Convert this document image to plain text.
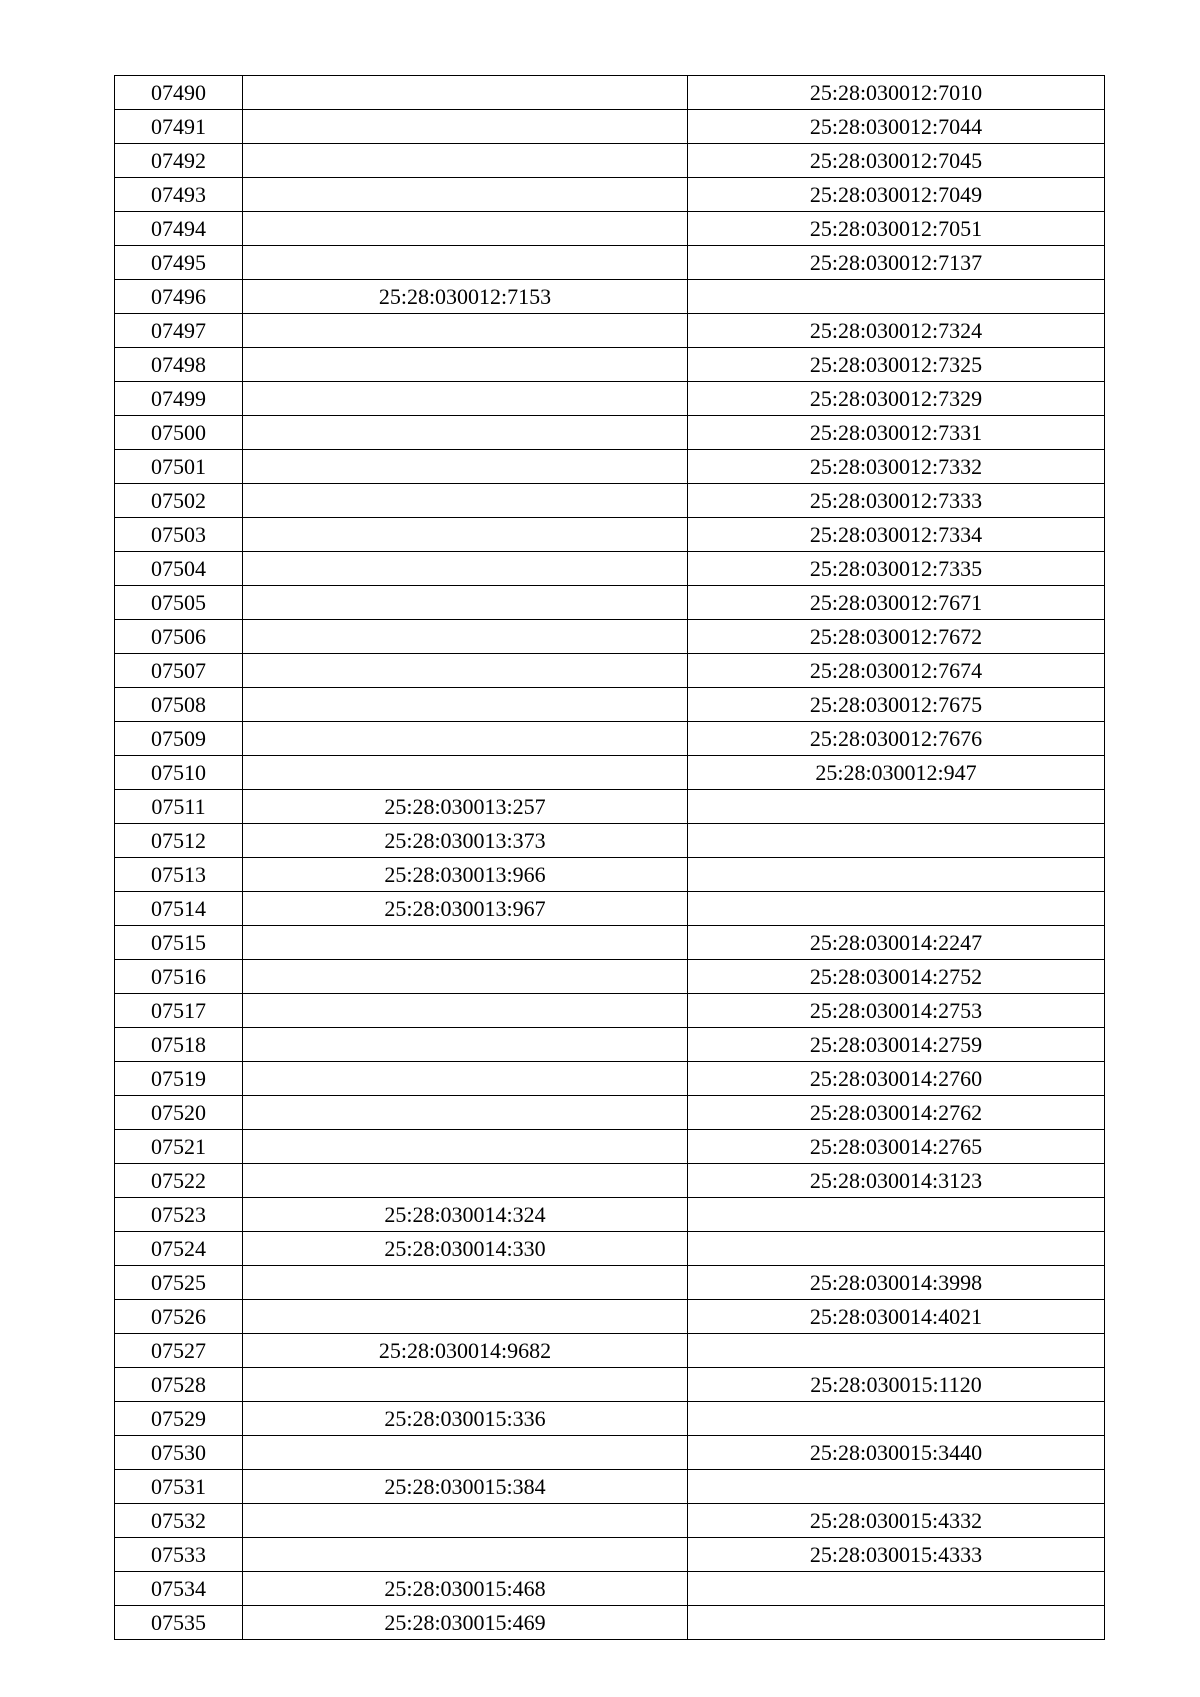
07490		25:28:030012:7010
07491		25:28:030012:7044
07492		25:28:030012:7045
07493		25:28:030012:7049
07494		25:28:030012:7051
07495		25:28:030012:7137
07496	25:28:030012:7153	
07497		25:28:030012:7324
07498		25:28:030012:7325
07499		25:28:030012:7329
07500		25:28:030012:7331
07501		25:28:030012:7332
07502		25:28:030012:7333
07503		25:28:030012:7334
07504		25:28:030012:7335
07505		25:28:030012:7671
07506		25:28:030012:7672
07507		25:28:030012:7674
07508		25:28:030012:7675
07509		25:28:030012:7676
07510		25:28:030012:947
07511	25:28:030013:257	
07512	25:28:030013:373	
07513	25:28:030013:966	
07514	25:28:030013:967	
07515		25:28:030014:2247
07516		25:28:030014:2752
07517		25:28:030014:2753
07518		25:28:030014:2759
07519		25:28:030014:2760
07520		25:28:030014:2762
07521		25:28:030014:2765
07522		25:28:030014:3123
07523	25:28:030014:324	
07524	25:28:030014:330	
07525		25:28:030014:3998
07526		25:28:030014:4021
07527	25:28:030014:9682	
07528		25:28:030015:1120
07529	25:28:030015:336	
07530		25:28:030015:3440
07531	25:28:030015:384	
07532		25:28:030015:4332
07533		25:28:030015:4333
07534	25:28:030015:468	
07535	25:28:030015:469	
